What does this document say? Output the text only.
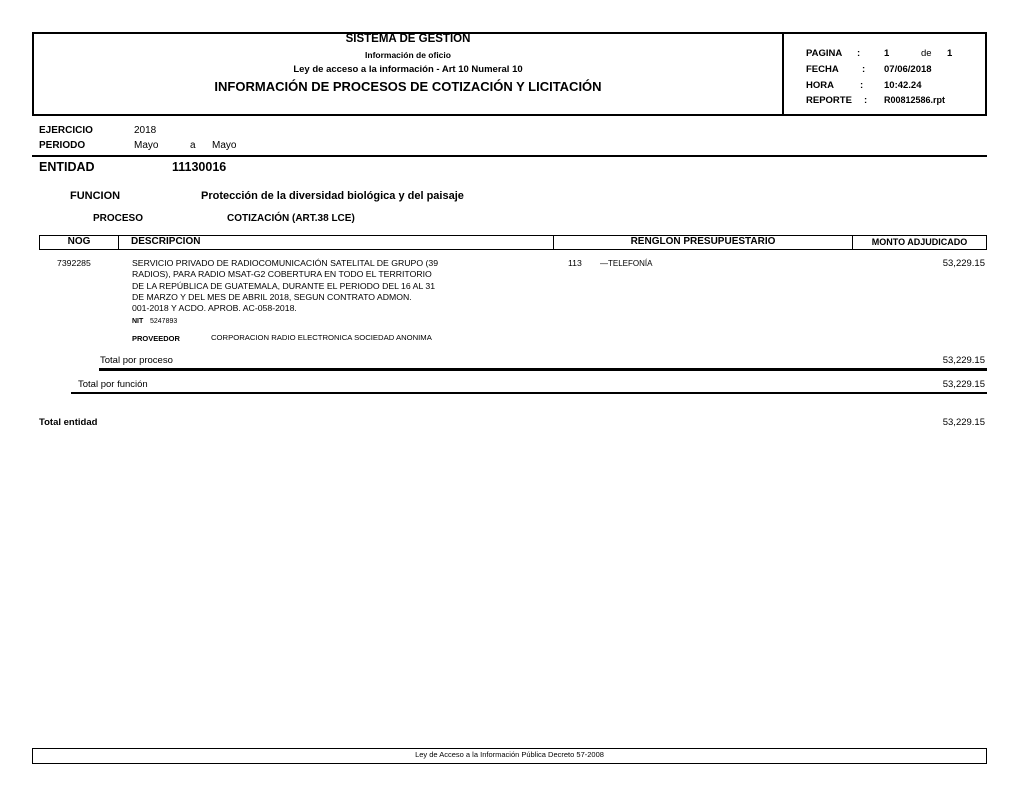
SISTEMA DE GESTION
Información de oficio
Ley de acceso a la información - Art 10 Numeral 10
INFORMACIÓN DE PROCESOS DE COTIZACIÓN Y LICITACIÓN
PAGINA :	1	de 1
FECHA : 07/06/2018
HORA	: 10:42.24
REPORTE : R00812586.rpt
EJERCICIO	2018
PERIODO	Mayo	a Mayo
ENTIDAD	11130016
FUNCION	Protección de la diversidad biológica y del paisaje
PROCESO	COTIZACIÓN (ART.38 LCE)
NOG	DESCRIPCION	RENGLON PRESUPUESTARIO	MONTO ADJUDICADO
7392285	SERVICIO PRIVADO DE RADIOCOMUNICACIÓN SATELITAL DE GRUPO (39
RADIOS), PARA RADIO MSAT-G2 COBERTURA EN TODO EL TERRITORIO
DE LA REPÚBLICA DE GUATEMALA, DURANTE EL PERIODO DEL 16 AL 31
DE MARZO Y DEL MES DE ABRIL 2018, SEGUN CONTRATO ADMON.
001-2018 Y ACDO. APROB. AC-058-2018.
NIT 5247893
PROVEEDOR	CORPORACION RADIO ELECTRONICA SOCIEDAD ANONIMA
113 —TELEFONÍA	53,229.15
Total por proceso	53,229.15
Total por función	53,229.15
Total entidad	53,229.15
Ley de Acceso a la Información Pública Decreto 57-2008
